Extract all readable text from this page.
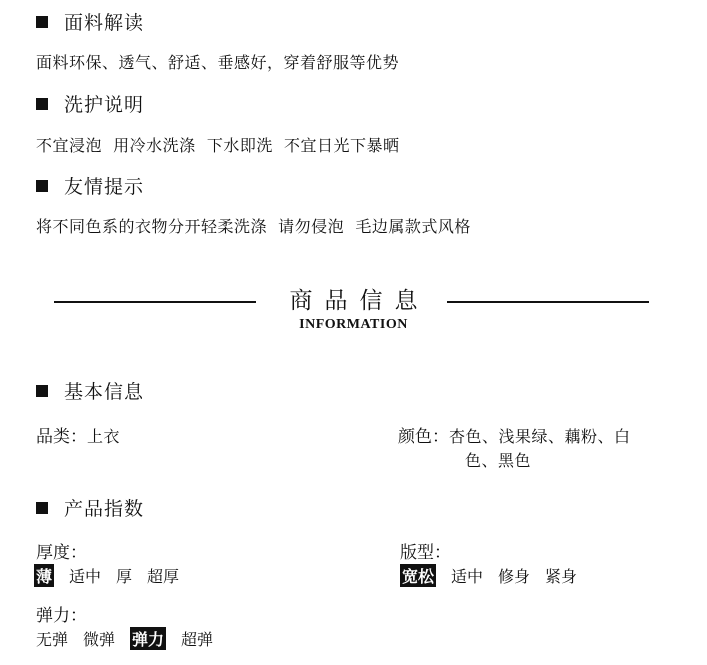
面料解读
面料环保、透气、舒适、垂感好，穿着舒服等优势
洗护说明
不宜浸泡  用冷水洗涤  下水即洗  不宜日光下暴晒
友情提示
将不同色系的衣物分开轻柔洗涤  请勿侵泡  毛边属款式风格
商品信息
INFORMATION
基本信息
品类：上衣	颜色：杏色、浅果绿、藕粉、白
色、黑色
产品指数
厚度：
薄 适中 厚 超厚
版型：
宽松 适中 修身 紧身
弹力：
无弹 微弹 弹力 超弹
